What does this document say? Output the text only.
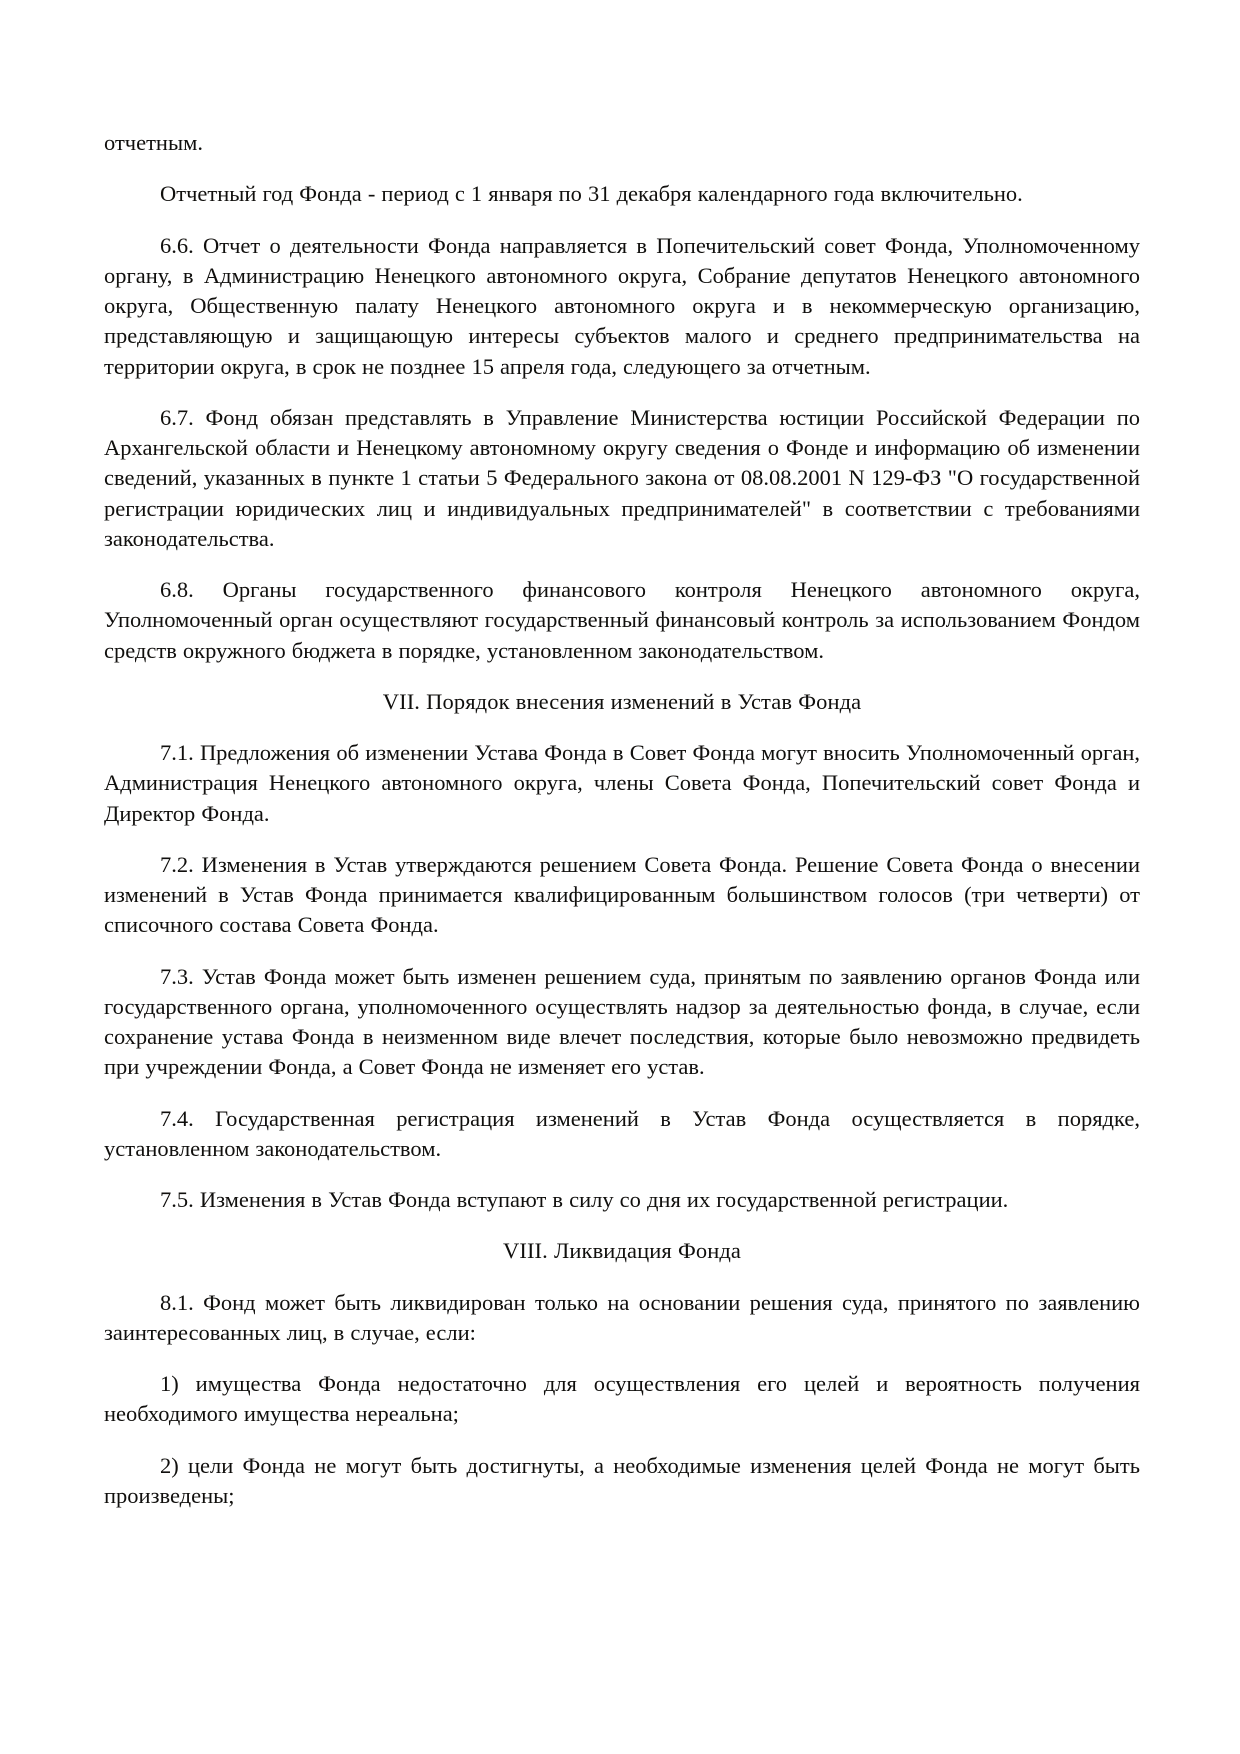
отчетным.

Отчетный год Фонда - период с 1 января по 31 декабря календарного года включительно.

6.6. Отчет о деятельности Фонда направляется в Попечительский совет Фонда, Уполномоченному органу, в Администрацию Ненецкого автономного округа, Собрание депутатов Ненецкого автономного округа, Общественную палату Ненецкого автономного округа и в некоммерческую организацию, представляющую и защищающую интересы субъектов малого и среднего предпринимательства на территории округа, в срок не позднее 15 апреля года, следующего за отчетным.

6.7. Фонд обязан представлять в Управление Министерства юстиции Российской Федерации по Архангельской области и Ненецкому автономному округу сведения о Фонде и информацию об изменении сведений, указанных в пункте 1 статьи 5 Федерального закона от 08.08.2001 N 129-ФЗ "О государственной регистрации юридических лиц и индивидуальных предпринимателей" в соответствии с требованиями законодательства.

6.8. Органы государственного финансового контроля Ненецкого автономного округа, Уполномоченный орган осуществляют государственный финансовый контроль за использованием Фондом средств окружного бюджета в порядке, установленном законодательством.

VII. Порядок внесения изменений в Устав Фонда

7.1. Предложения об изменении Устава Фонда в Совет Фонда могут вносить Уполномоченный орган, Администрация Ненецкого автономного округа, члены Совета Фонда, Попечительский совет Фонда и Директор Фонда.

7.2. Изменения в Устав утверждаются решением Совета Фонда. Решение Совета Фонда о внесении изменений в Устав Фонда принимается квалифицированным большинством голосов (три четверти) от списочного состава Совета Фонда.

7.3. Устав Фонда может быть изменен решением суда, принятым по заявлению органов Фонда или государственного органа, уполномоченного осуществлять надзор за деятельностью фонда, в случае, если сохранение устава Фонда в неизменном виде влечет последствия, которые было невозможно предвидеть при учреждении Фонда, а Совет Фонда не изменяет его устав.

7.4. Государственная регистрация изменений в Устав Фонда осуществляется в порядке, установленном законодательством.

7.5. Изменения в Устав Фонда вступают в силу со дня их государственной регистрации.

VIII. Ликвидация Фонда

8.1. Фонд может быть ликвидирован только на основании решения суда, принятого по заявлению заинтересованных лиц, в случае, если:

1) имущества Фонда недостаточно для осуществления его целей и вероятность получения необходимого имущества нереальна;

2) цели Фонда не могут быть достигнуты, а необходимые изменения целей Фонда не могут быть произведены;
